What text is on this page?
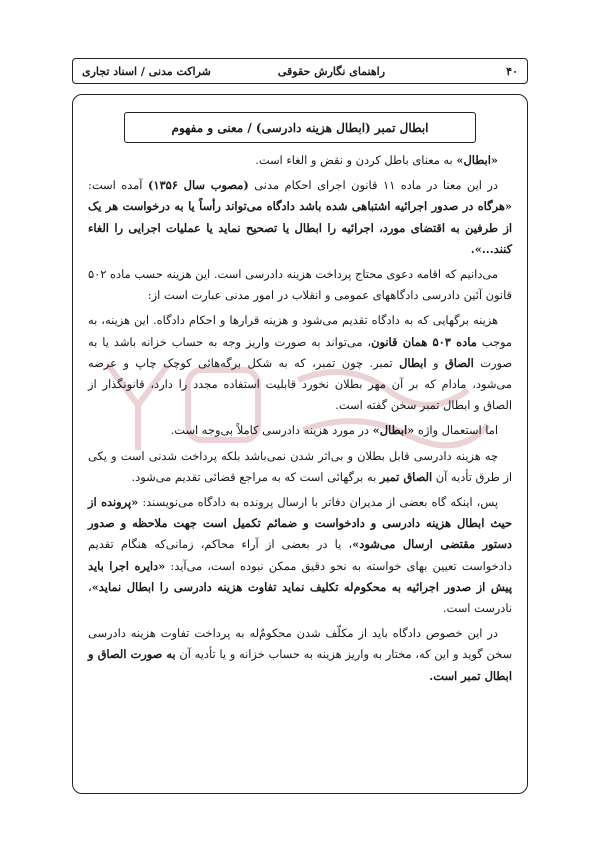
۴۰
راهنمای نگارش حقوقی
شراکت مدنی / اسناد تجاری
ابطال تمبر (ابطال هزینه دادرسی) / معنی و مفهوم

«ابطال» به معنای باطل کردن و نقض و الغاء است.

در این معنا در ماده ۱۱ قانون اجرای احکام مدنی (مصوب سال ۱۳۵۶) آمده است: «هرگاه در صدور اجرائیه اشتباهی شده باشد دادگاه می‌تواند رأساً یا به درخواست هر یک از طرفین به اقتضای مورد، اجرائیه را ابطال یا تصحیح نماید یا عملیات اجرایی را الغاء کنند...».

می‌دانیم که اقامه دعوی محتاج پرداخت هزینه دادرسی است. این هزینه حسب ماده ۵۰۲ قانون آئین دادرسی دادگاههای عمومی و انقلاب در امور مدنی عبارت است از:

هزینه برگهایی که به دادگاه تقدیم می‌شود و هزینه قرارها و احکام دادگاه. این هزینه، به موجب ماده ۵۰۳ همان قانون، می‌تواند به صورت واریز وجه به حساب خزانه باشد یا به صورت الصاق و ابطال تمبر. چون تمبر، که به شکل برگه‌هائی کوچک چاپ و عرضه می‌شود، مادام که بر آن مهر بطلان نخورد قابلیت استفاده مجدد را دارد، قانونگذار از الصاق و ابطال تمبر سخن گفته است.

اما استعمال واژه «ابطال» در مورد هزینه دادرسی کاملاً بی‌وجه است.

چه هزینه دادرسی قابل بطلان و بی‌اثر شدن نمی‌باشد بلکه پرداخت شدنی است و یکی از طرق تأدیه آن الصاق تمبر به برگهائی است که به مراجع قضائی تقدیم می‌شود.

پس، اینکه گاه بعضی از مدیران دفاتر با ارسال پرونده به دادگاه می‌نویسند: «پرونده از حیث ابطال هزینه دادرسی و دادخواست و ضمائم تکمیل است جهت ملاحظه و صدور دستور مقتضی ارسال می‌شود»، یا در بعضی از آراء محاکم، زمانی‌که هنگام تقدیم دادخواست تعیین بهای خواسته به نحو دقیق ممکن نبوده است، می‌آید: «دایره اجرا باید پیش از صدور اجرائیه به محکوم‌له تکلیف نماید تفاوت هزینه دادرسی را ابطال نماید»، نادرست است.

در این خصوص دادگاه باید از مکلّف شدن محکومٌ‌له به پرداخت تفاوت هزینه دادرسی سخن گوید و این که، مختار به واریز هزینه به حساب خزانه و یا تأدیه آن به صورت الصاق و ابطال تمبر است.
